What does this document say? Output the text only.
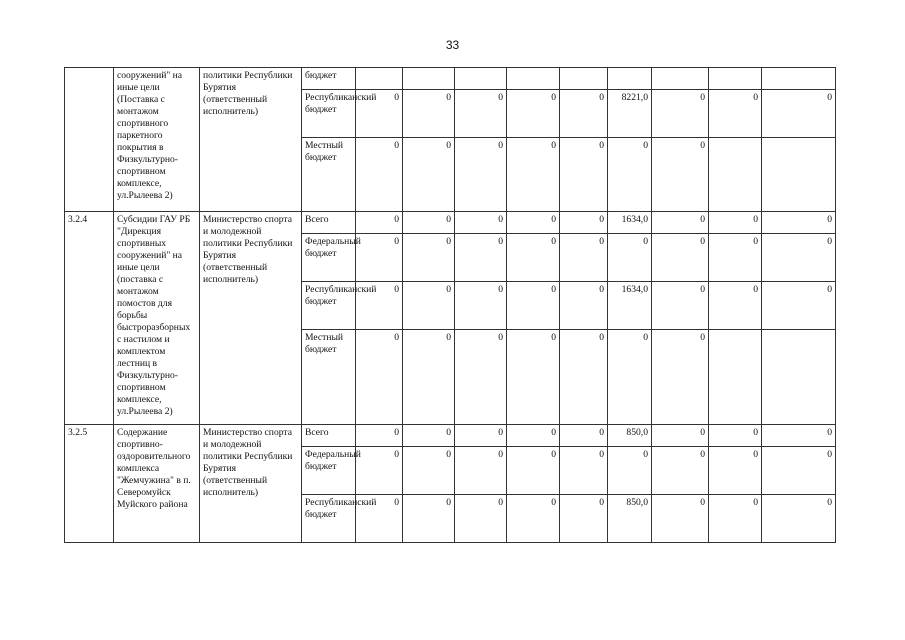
33
	сооружений" на иные цели (Поставка с монтажом спортивного паркетного покрытия в Физкультурно-спортивном комплексе, ул.Рылеева 2)	политики Республики Бурятия (ответственный исполнитель)	бюджет									
			Республиканский бюджет	0	0	0	0	0	8221,0	0	0	0
			Местный бюджет	0	0	0	0	0	0	0		
3.2.4	Субсидии ГАУ РБ "Дирекция спортивных сооружений" на иные цели (поставка с монтажом помостов для борьбы быстроразборных с настилом и комплектом лестниц в Физкультурно-спортивном комплексе, ул.Рылеева 2)	Министерство спорта и молодежной политики Республики Бурятия (ответственный исполнитель)	Всего	0	0	0	0	0	1634,0	0	0	0
			Федеральный бюджет	0	0	0	0	0	0	0	0	0
			Республиканский бюджет	0	0	0	0	0	1634,0	0	0	0
			Местный бюджет	0	0	0	0	0	0	0		
3.2.5	Содержание спортивно-оздоровительного комплекса "Жемчужина" в п. Северомуйск Муйского района	Министерство спорта и молодежной политики Республики Бурятия (ответственный исполнитель)	Всего	0	0	0	0	0	850,0	0	0	0
			Федеральный бюджет	0	0	0	0	0	0	0	0	0
			Республиканский бюджет	0	0	0	0	0	850,0	0	0	0
